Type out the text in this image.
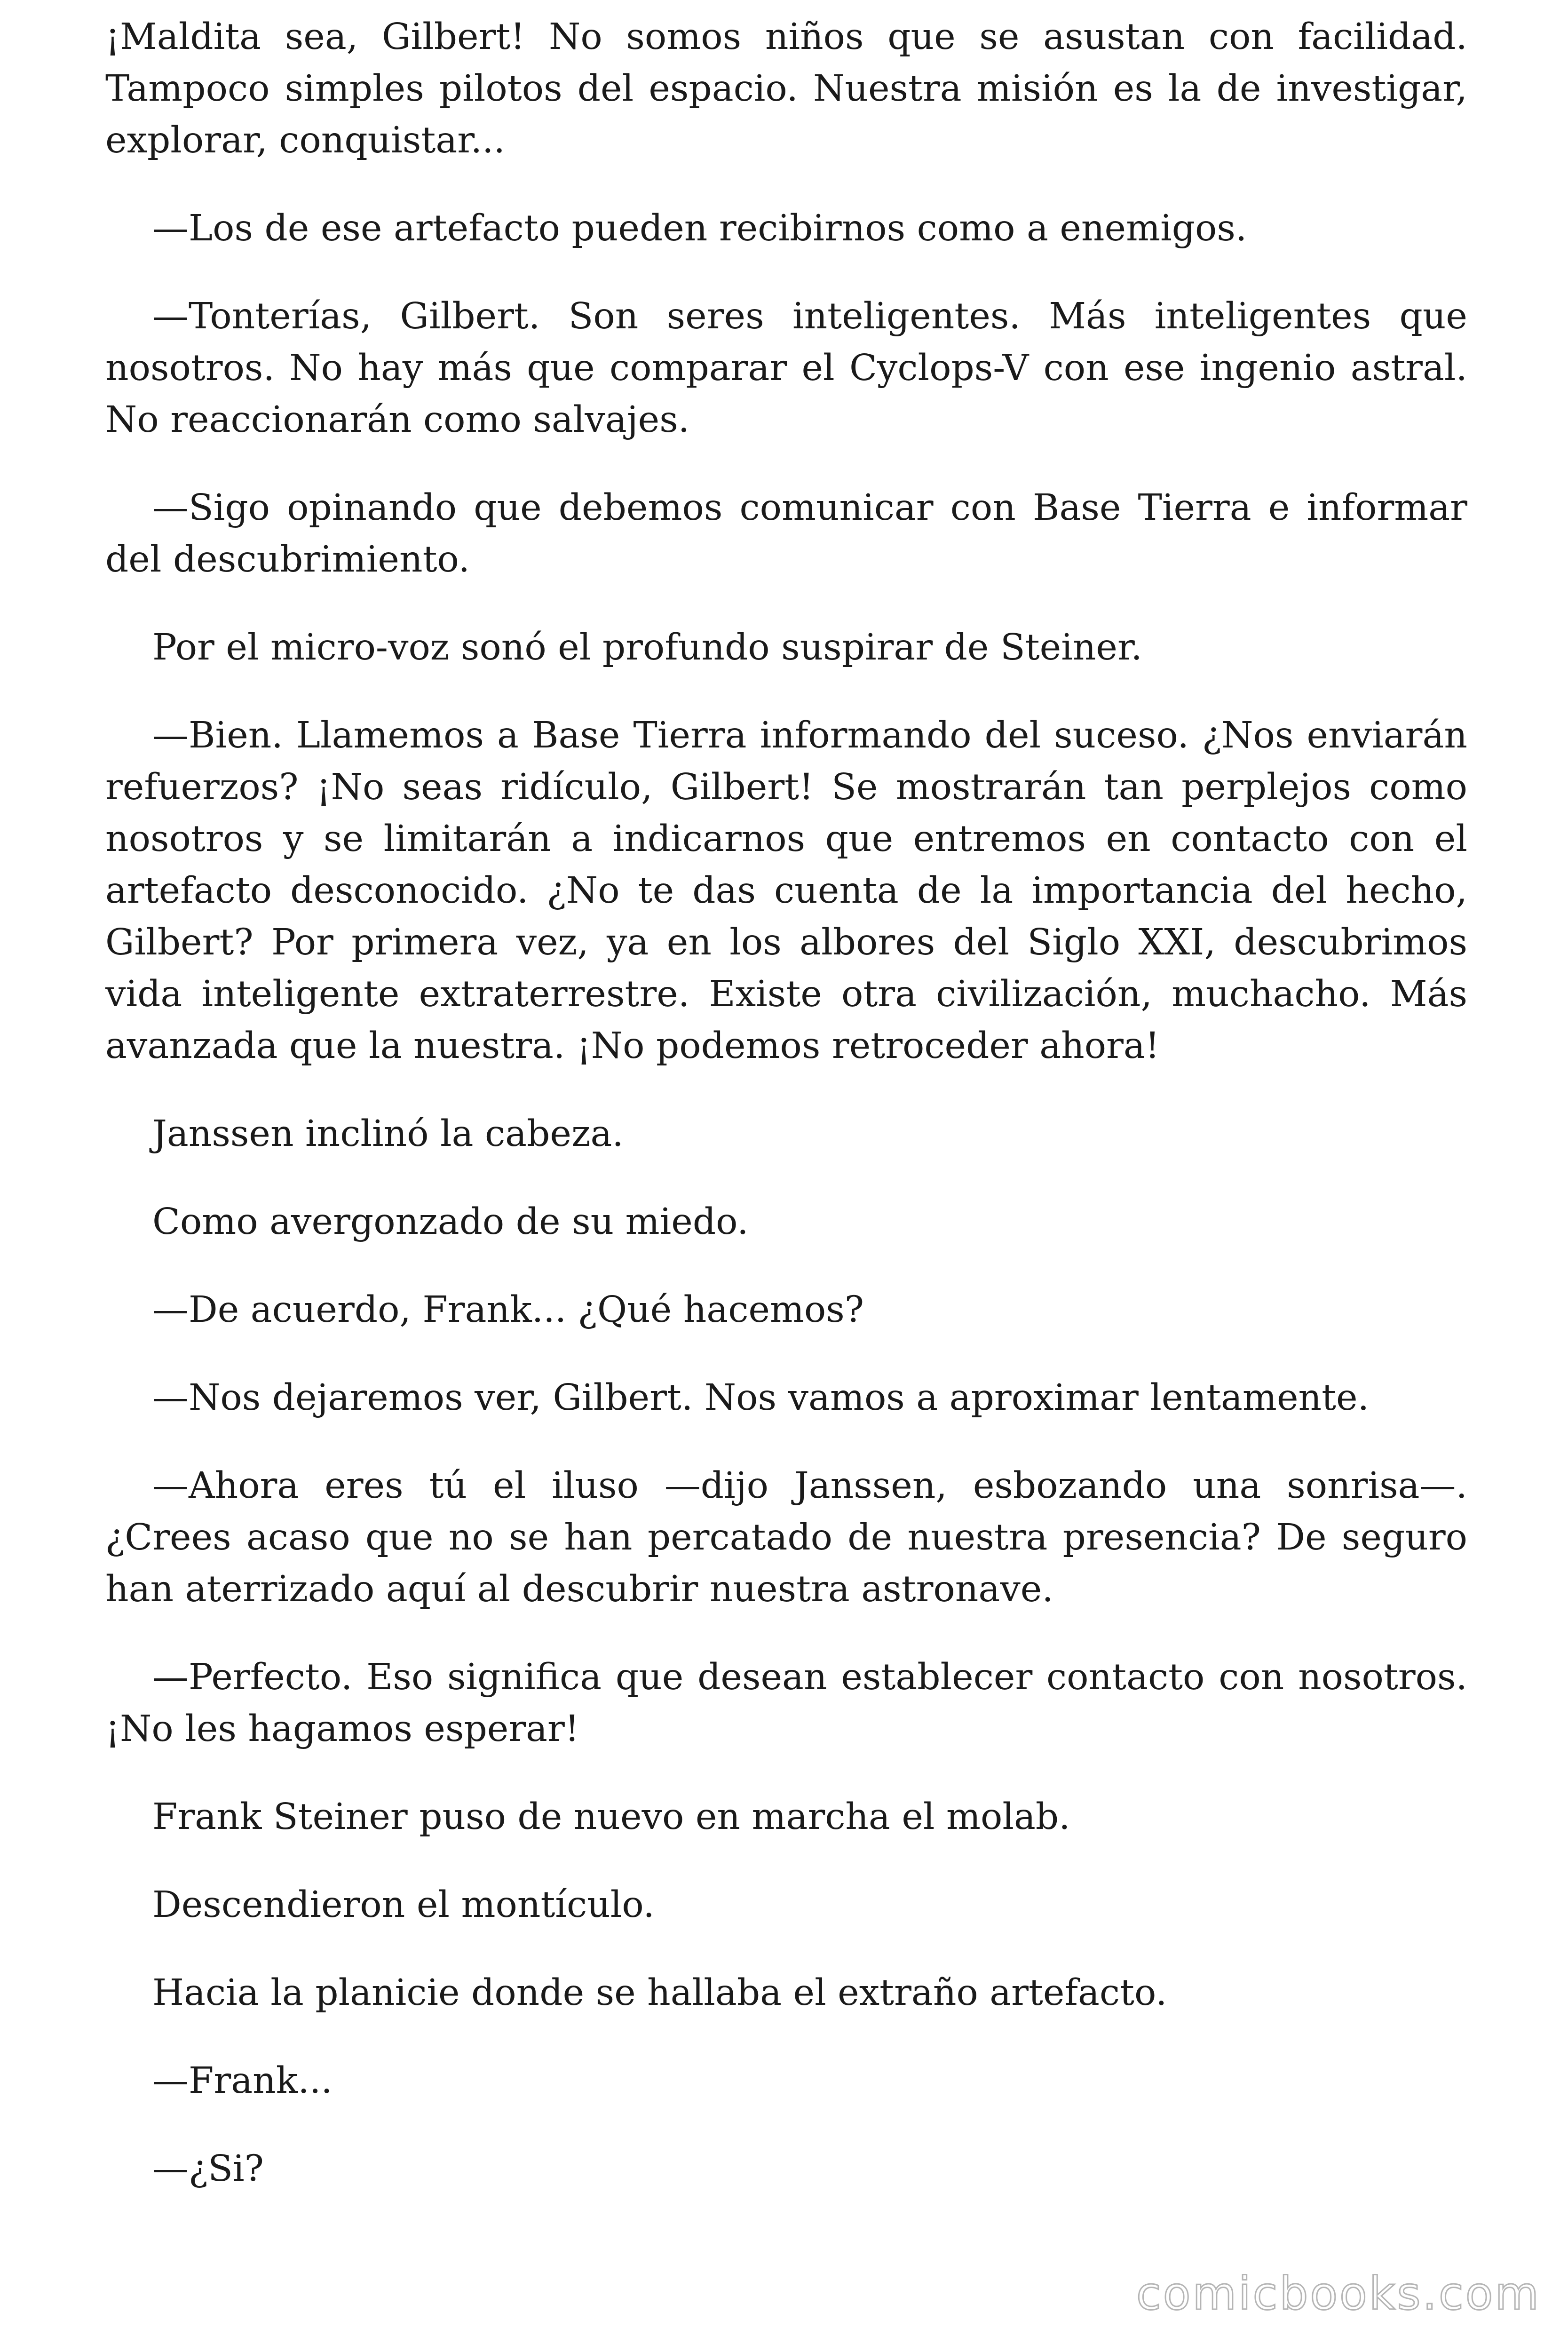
¡Maldita sea, Gilbert! No somos niños que se asustan con facilidad. Tampoco simples pilotos del espacio. Nuestra misión es la de investigar, explorar, conquistar...

—Los de ese artefacto pueden recibirnos como a enemigos.

—Tonterías, Gilbert. Son seres inteligentes. Más inteligentes que nosotros. No hay más que comparar el Cyclops-V con ese ingenio astral. No reaccionarán como salvajes.

—Sigo opinando que debemos comunicar con Base Tierra e informar del descubrimiento.

Por el micro-voz sonó el profundo suspirar de Steiner.

—Bien. Llamemos a Base Tierra informando del suceso. ¿Nos enviarán refuerzos? ¡No seas ridículo, Gilbert! Se mostrarán tan perplejos como nosotros y se limitarán a indicarnos que entremos en contacto con el artefacto desconocido. ¿No te das cuenta de la importancia del hecho, Gilbert? Por primera vez, ya en los albores del Siglo XXI, descubrimos vida inteligente extraterrestre. Existe otra civilización, muchacho. Más avanzada que la nuestra. ¡No podemos retroceder ahora!

Janssen inclinó la cabeza.

Como avergonzado de su miedo.

—De acuerdo, Frank... ¿Qué hacemos?

—Nos dejaremos ver, Gilbert. Nos vamos a aproximar lentamente.

—Ahora eres tú el iluso —dijo Janssen, esbozando una sonrisa—. ¿Crees acaso que no se han percatado de nuestra presencia? De seguro han aterrizado aquí al descubrir nuestra astronave.

—Perfecto. Eso significa que desean establecer contacto con nosotros. ¡No les hagamos esperar!

Frank Steiner puso de nuevo en marcha el molab.

Descendieron el montículo.

Hacia la planicie donde se hallaba el extraño artefacto.

—Frank...

—¿Si?

comicbooks.com
